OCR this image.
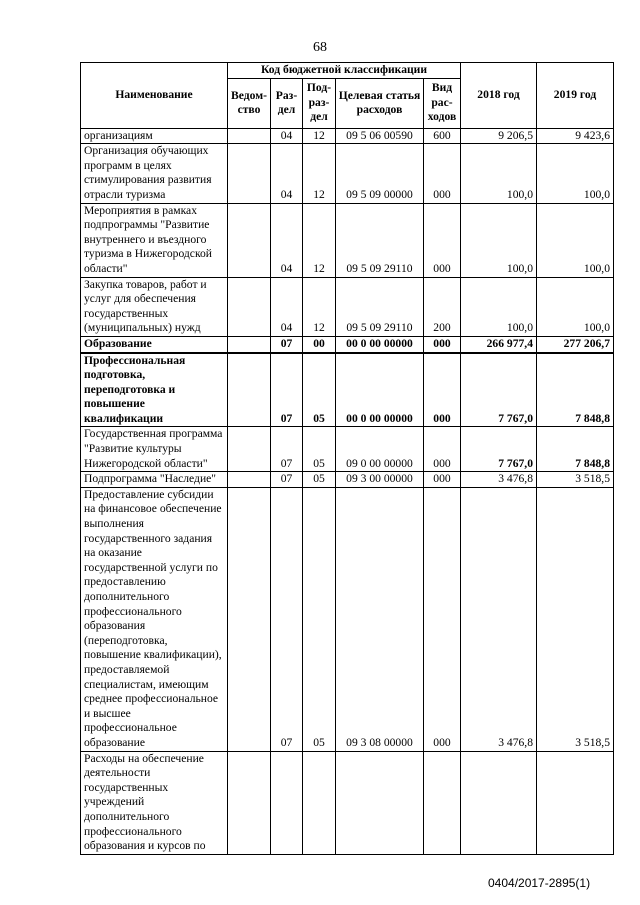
68
Наименование	Код бюджетной классификации					2018 год	2019 год
	Ведом-ство	Раз-дел	Под-раз-дел	Целевая статья расходов	Вид рас-ходов		
организациям		04	12	09 5 06 00590	600	9 206,5	9 423,6
Организация обучающих программ в целях стимулирования развития отрасли туризма		04	12	09 5 09 00000	000	100,0	100,0
Мероприятия в рамках подпрограммы "Развитие внутреннего и въездного туризма в Нижегородской области"		04	12	09 5 09 29110	000	100,0	100,0
Закупка товаров, работ и услуг для обеспечения государственных (муниципальных) нужд		04	12	09 5 09 29110	200	100,0	100,0
Образование		07	00	00 0 00 00000	000	266 977,4	277 206,7
Профессиональная подготовка, переподготовка и повышение квалификации		07	05	00 0 00 00000	000	7 767,0	7 848,8
Государственная программа "Развитие культуры Нижегородской области"		07	05	09 0 00 00000	000	7 767,0	7 848,8
Подпрограмма "Наследие"		07	05	09 3 00 00000	000	3 476,8	3 518,5
Предоставление субсидии на финансовое обеспечение выполнения государственного задания на оказание государственной услуги по предоставлению дополнительного профессионального образования (переподготовка, повышение квалификации), предоставляемой специалистам, имеющим среднее профессиональное и высшее профессиональное образование		07	05	09 3 08 00000	000	3 476,8	3 518,5
Расходы на обеспечение деятельности государственных учреждений дополнительного профессионального образования и курсов по							
0404/2017-2895(1)
